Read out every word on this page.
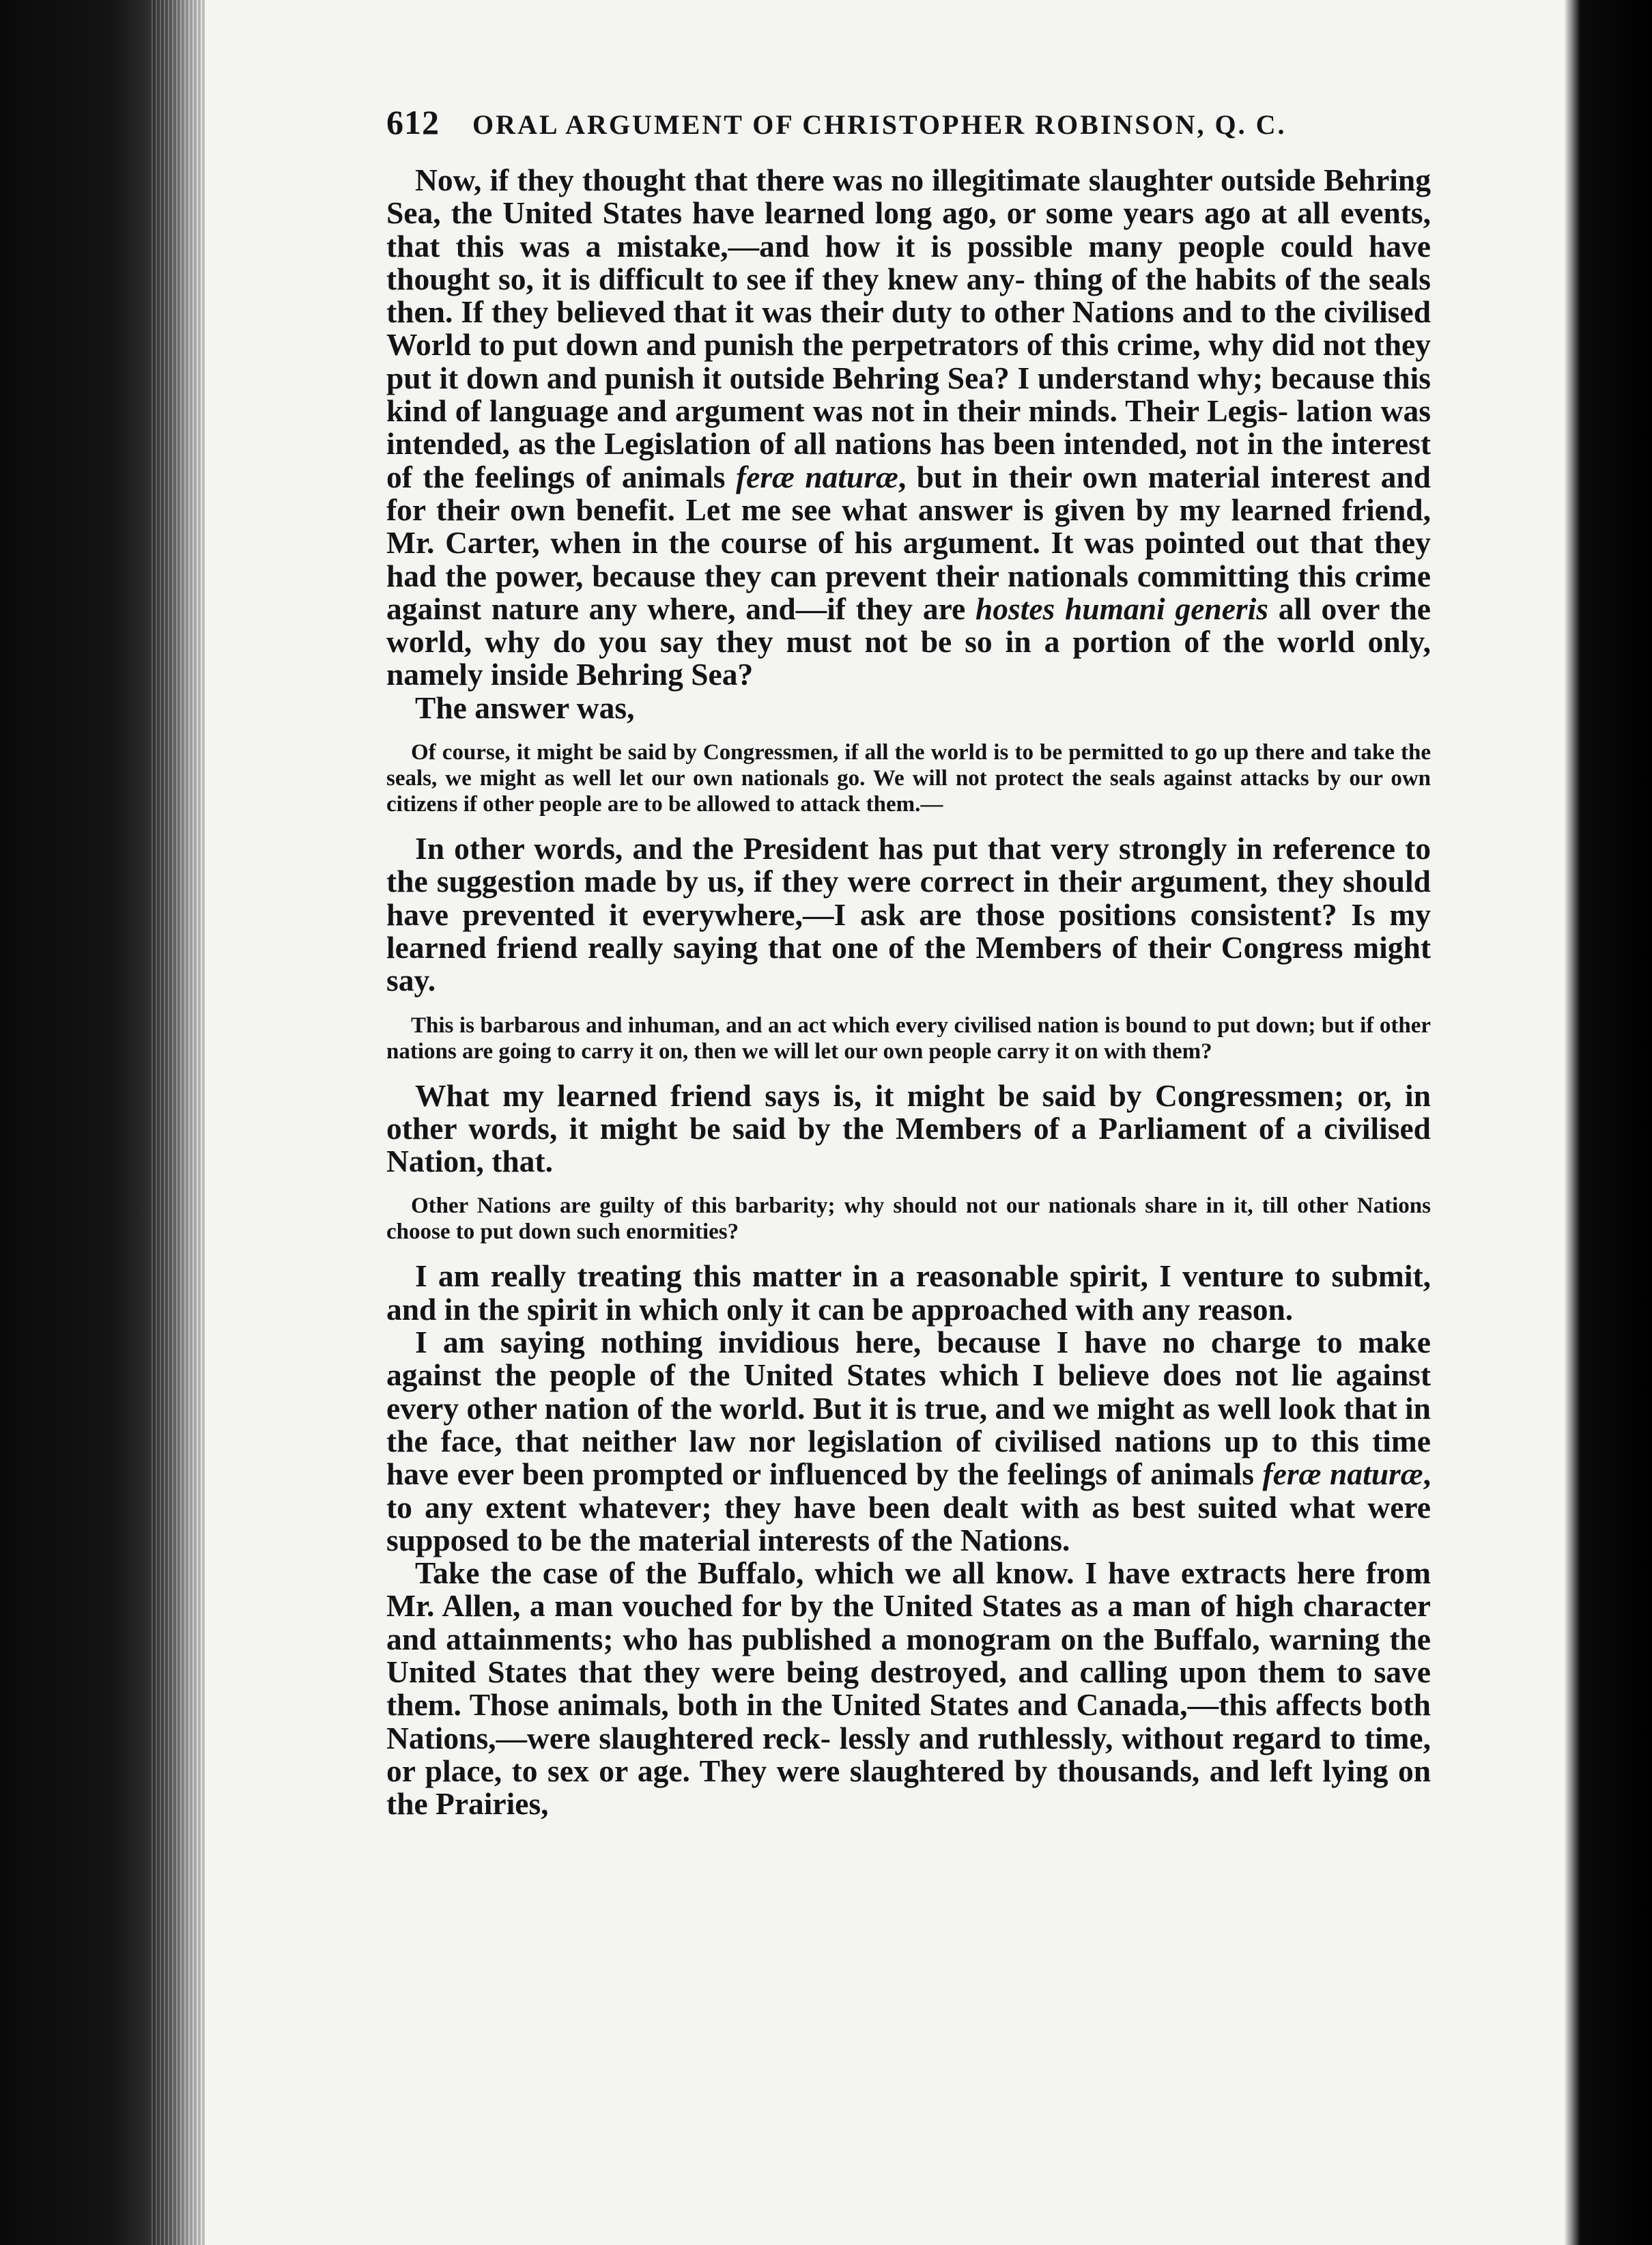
612 ORAL ARGUMENT OF CHRISTOPHER ROBINSON, Q. C.

Now, if they thought that there was no illegitimate slaughter outside Behring Sea, the United States have learned long ago, or some years ago at all events, that this was a mistake,—and how it is possible many people could have thought so, it is difficult to see if they knew any- thing of the habits of the seals then. If they believed that it was their duty to other Nations and to the civilised World to put down and punish the perpetrators of this crime, why did not they put it down and punish it outside Behring Sea? I understand why; because this kind of language and argument was not in their minds. Their Legis- lation was intended, as the Legislation of all nations has been intended, not in the interest of the feelings of animals feræ naturæ, but in their own material interest and for their own benefit. Let me see what answer is given by my learned friend, Mr. Carter, when in the course of his argument. It was pointed out that they had the power, because they can prevent their nationals committing this crime against nature any where, and—if they are hostes humani generis all over the world, why do you say they must not be so in a portion of the world only, namely inside Behring Sea?

The answer was,

Of course, it might be said by Congressmen, if all the world is to be permitted to go up there and take the seals, we might as well let our own nationals go. We will not protect the seals against attacks by our own citizens if other people are to be allowed to attack them.—

In other words, and the President has put that very strongly in reference to the suggestion made by us, if they were correct in their argument, they should have prevented it everywhere,—I ask are those positions consistent? Is my learned friend really saying that one of the Members of their Congress might say.

This is barbarous and inhuman, and an act which every civilised nation is bound to put down; but if other nations are going to carry it on, then we will let our own people carry it on with them?

What my learned friend says is, it might be said by Congressmen; or, in other words, it might be said by the Members of a Parliament of a civilised Nation, that.

Other Nations are guilty of this barbarity; why should not our nationals share in it, till other Nations choose to put down such enormities?

I am really treating this matter in a reasonable spirit, I venture to submit, and in the spirit in which only it can be approached with any reason.

I am saying nothing invidious here, because I have no charge to make against the people of the United States which I believe does not lie against every other nation of the world. But it is true, and we might as well look that in the face, that neither law nor legislation of civilised nations up to this time have ever been prompted or influenced by the feelings of animals feræ naturæ, to any extent whatever; they have been dealt with as best suited what were supposed to be the material interests of the Nations.

Take the case of the Buffalo, which we all know. I have extracts here from Mr. Allen, a man vouched for by the United States as a man of high character and attainments; who has published a monogram on the Buffalo, warning the United States that they were being destroyed, and calling upon them to save them. Those animals, both in the United States and Canada,—this affects both Nations,—were slaughtered reck- lessly and ruthlessly, without regard to time, or place, to sex or age. They were slaughtered by thousands, and left lying on the Prairies,
